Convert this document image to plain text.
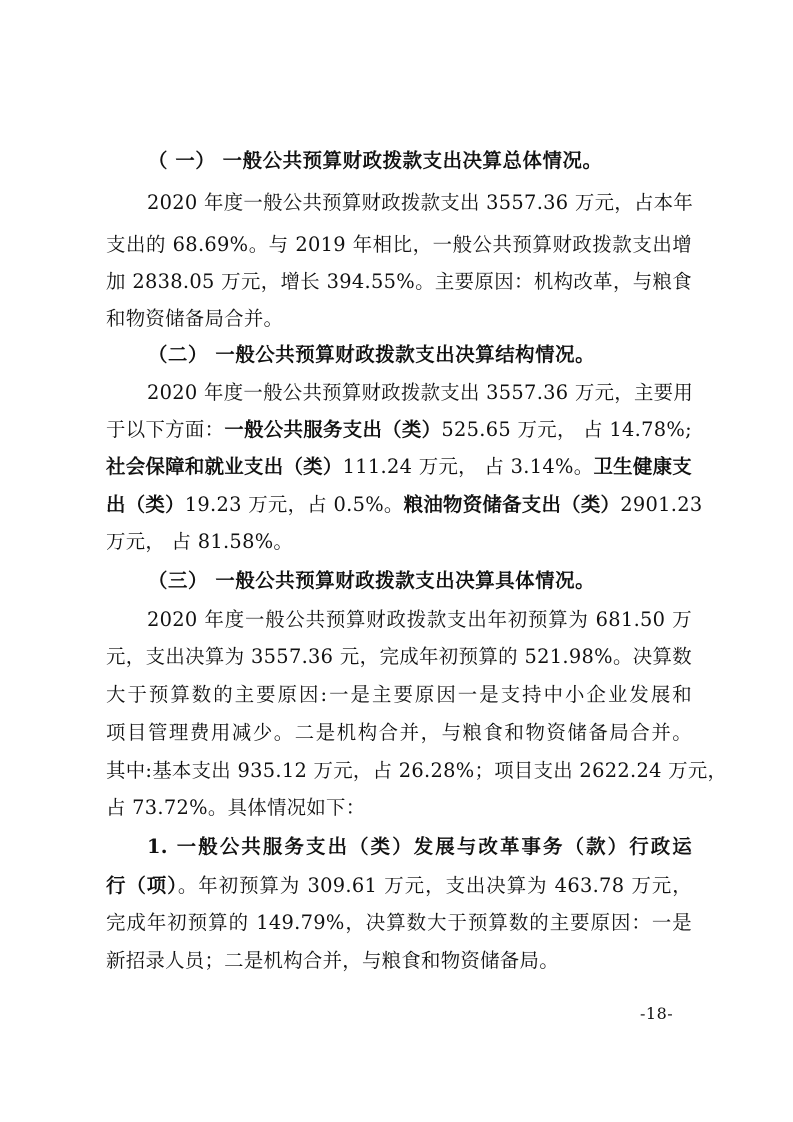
（ 一） 一般公共预算财政拨款支出决算总体情况。
2020 年度一般公共预算财政拨款支出 3557.36 万元，占本年
支出的 68.69%。与 2019 年相比，一般公共预算财政拨款支出增
加 2838.05 万元，增长 394.55%。主要原因：机构改革，与粮食
和物资储备局合并。
（二） 一般公共预算财政拨款支出决算结构情况。
2020 年度一般公共预算财政拨款支出 3557.36 万元，主要用
于以下方面：一般公共服务支出（类）525.65 万元， 占 14.78%;
社会保障和就业支出（类）111.24 万元， 占 3.14%。卫生健康支
出（类）19.23 万元，占 0.5%。粮油物资储备支出（类）2901.23
万元， 占 81.58%。
（三） 一般公共预算财政拨款支出决算具体情况。
2020 年度一般公共预算财政拨款支出年初预算为 681.50 万
元，支出决算为 3557.36 元，完成年初预算的 521.98%。决算数
大于预算数的主要原因:一是主要原因一是支持中小企业发展和
项目管理费用减少。二是机构合并，与粮食和物资储备局合并。
其中:基本支出 935.12 万元，占 26.28%；项目支出 2622.24 万元，
占 73.72%。具体情况如下：
1. 一般公共服务支出（类）发展与改革事务（款）行政运
行（项）。年初预算为 309.61 万元，支出决算为 463.78 万元，
完成年初预算的 149.79%，决算数大于预算数的主要原因：一是
新招录人员；二是机构合并，与粮食和物资储备局。
-18-
